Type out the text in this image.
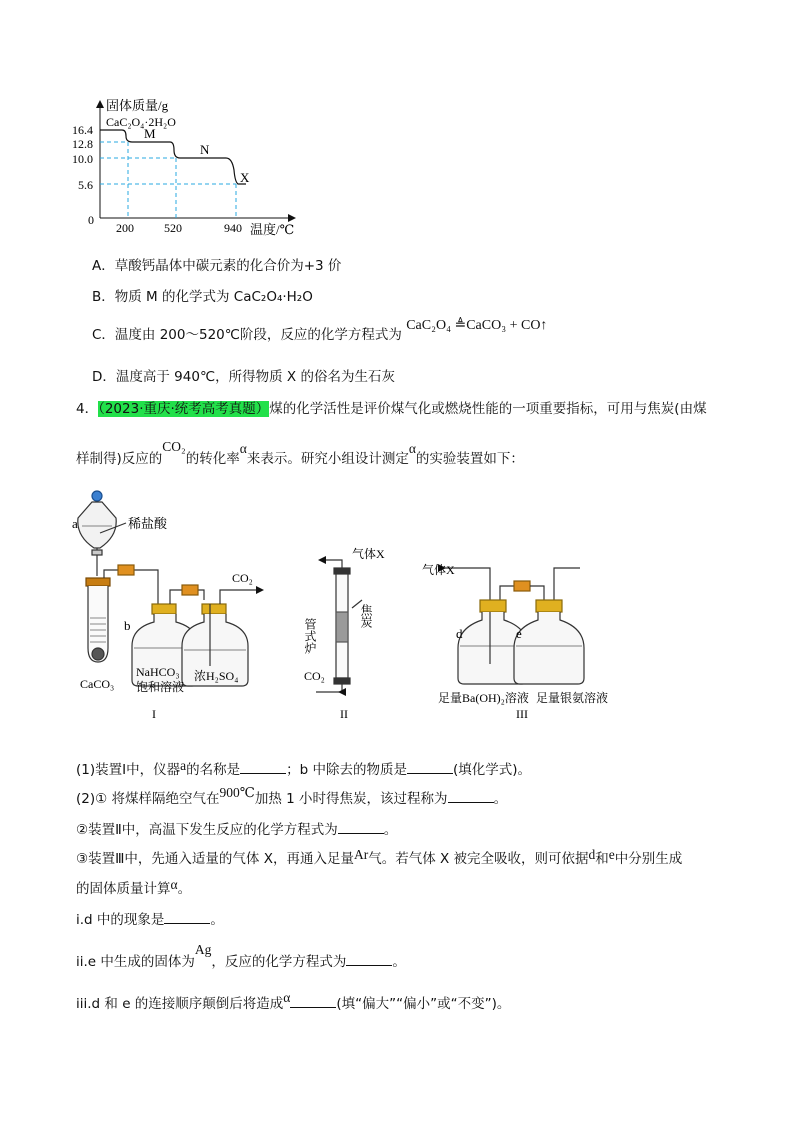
固体质量/g
CaC₂O₄·2H₂O
16.4
12.8
10.0
5.6
0
M
N
X
200	520	940 温度/℃
A．草酸钙晶体中碳元素的化合价为+3 价
B．物质 M 的化学式为 CaC₂O₄·H₂O
C．温度由 200～520℃阶段，反应的化学方程式为 CaC₂O₄ ≜CaCO₃ + CO↑
D．温度高于 940℃，所得物质 X 的俗名为生石灰
4．（2023·重庆·统考高考真题）煤的化学活性是评价煤气化或燃烧性能的一项重要指标，可用与焦炭(由煤
样制得)反应的CO₂的转化率α来表示。研究小组设计测定α的实验装置如下：
a	稀盐酸
CO₂
b
CaCO₃
NaHCO₃
饱和溶液
浓H₂SO₄
I
气体X
管式炉
焦炭
CO₂
II
气体X
d	e
足量Ba(OH)₂溶液 足量银氨溶液
III
(1)装置Ⅰ中，仪器a的名称是	；b 中除去的物质是	(填化学式)。
(2)① 将煤样隔绝空气在900℃加热 1 小时得焦炭，该过程称为	。
②装置Ⅱ中，高温下发生反应的化学方程式为	。
③装置Ⅲ中，先通入适量的气体 X，再通入足量Ar气。若气体 X 被完全吸收，则可依据d和e中分别生成
的固体质量计算α。
i.d 中的现象是	。
ii.e 中生成的固体为Ag，反应的化学方程式为	。
iii.d 和 e 的连接顺序颠倒后将造成α	(填“偏大”“偏小”或“不变”)。
